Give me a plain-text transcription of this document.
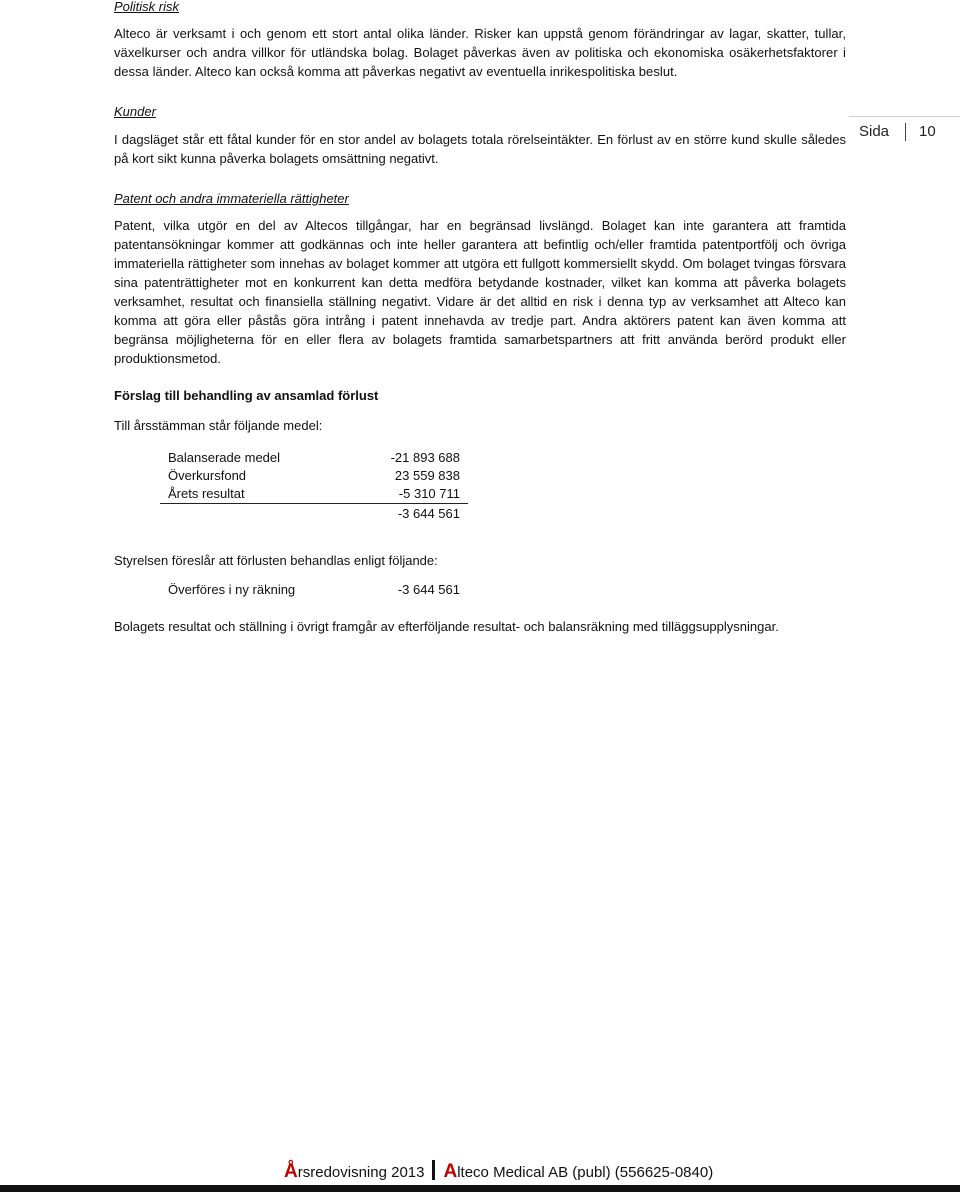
Politisk risk

Alteco är verksamt i och genom ett stort antal olika länder. Risker kan uppstå genom förändringar av lagar, skatter, tullar, växelkurser och andra villkor för utländska bolag. Bolaget påverkas även av politiska och ekonomiska osäkerhetsfaktorer i dessa länder. Alteco kan också komma att påverkas negativt av eventuella inrikespolitiska beslut.

Kunder

I dagsläget står ett fåtal kunder för en stor andel av bolagets totala rörelseintäkter. En förlust av en större kund skulle således på kort sikt kunna påverka bolagets omsättning negativt.

Sida 10

Patent och andra immateriella rättigheter

Patent, vilka utgör en del av Altecos tillgångar, har en begränsad livslängd. Bolaget kan inte garantera att framtida patentansökningar kommer att godkännas och inte heller garantera att befintlig och/eller framtida patentportfölj och övriga immateriella rättigheter som innehas av bolaget kommer att utgöra ett fullgott kommersiellt skydd. Om bolaget tvingas försvara sina patenträttigheter mot en konkurrent kan detta medföra betydande kostnader, vilket kan komma att påverka bolagets verksamhet, resultat och finansiella ställning negativt. Vidare är det alltid en risk i denna typ av verksamhet att Alteco kan komma att göra eller påstås göra intrång i patent innehavda av tredje part. Andra aktörers patent kan även komma att begränsa möjligheterna för en eller flera av bolagets framtida samarbetspartners att fritt använda berörd produkt eller produktionsmetod.

Förslag till behandling av ansamlad förlust

Till årsstämman står följande medel:

Balanserade medel	-21 893 688
Överkursfond	23 559 838
Årets resultat	-5 310 711
-3 644 561

Styrelsen föreslår att förlusten behandlas enligt följande:

Överföres i ny räkning	-3 644 561

Bolagets resultat och ställning i övrigt framgår av efterföljande resultat- och balansräkning med tilläggsupplysningar.

Årsredovisning 2013 Alteco Medical AB (publ) (556625-0840)
